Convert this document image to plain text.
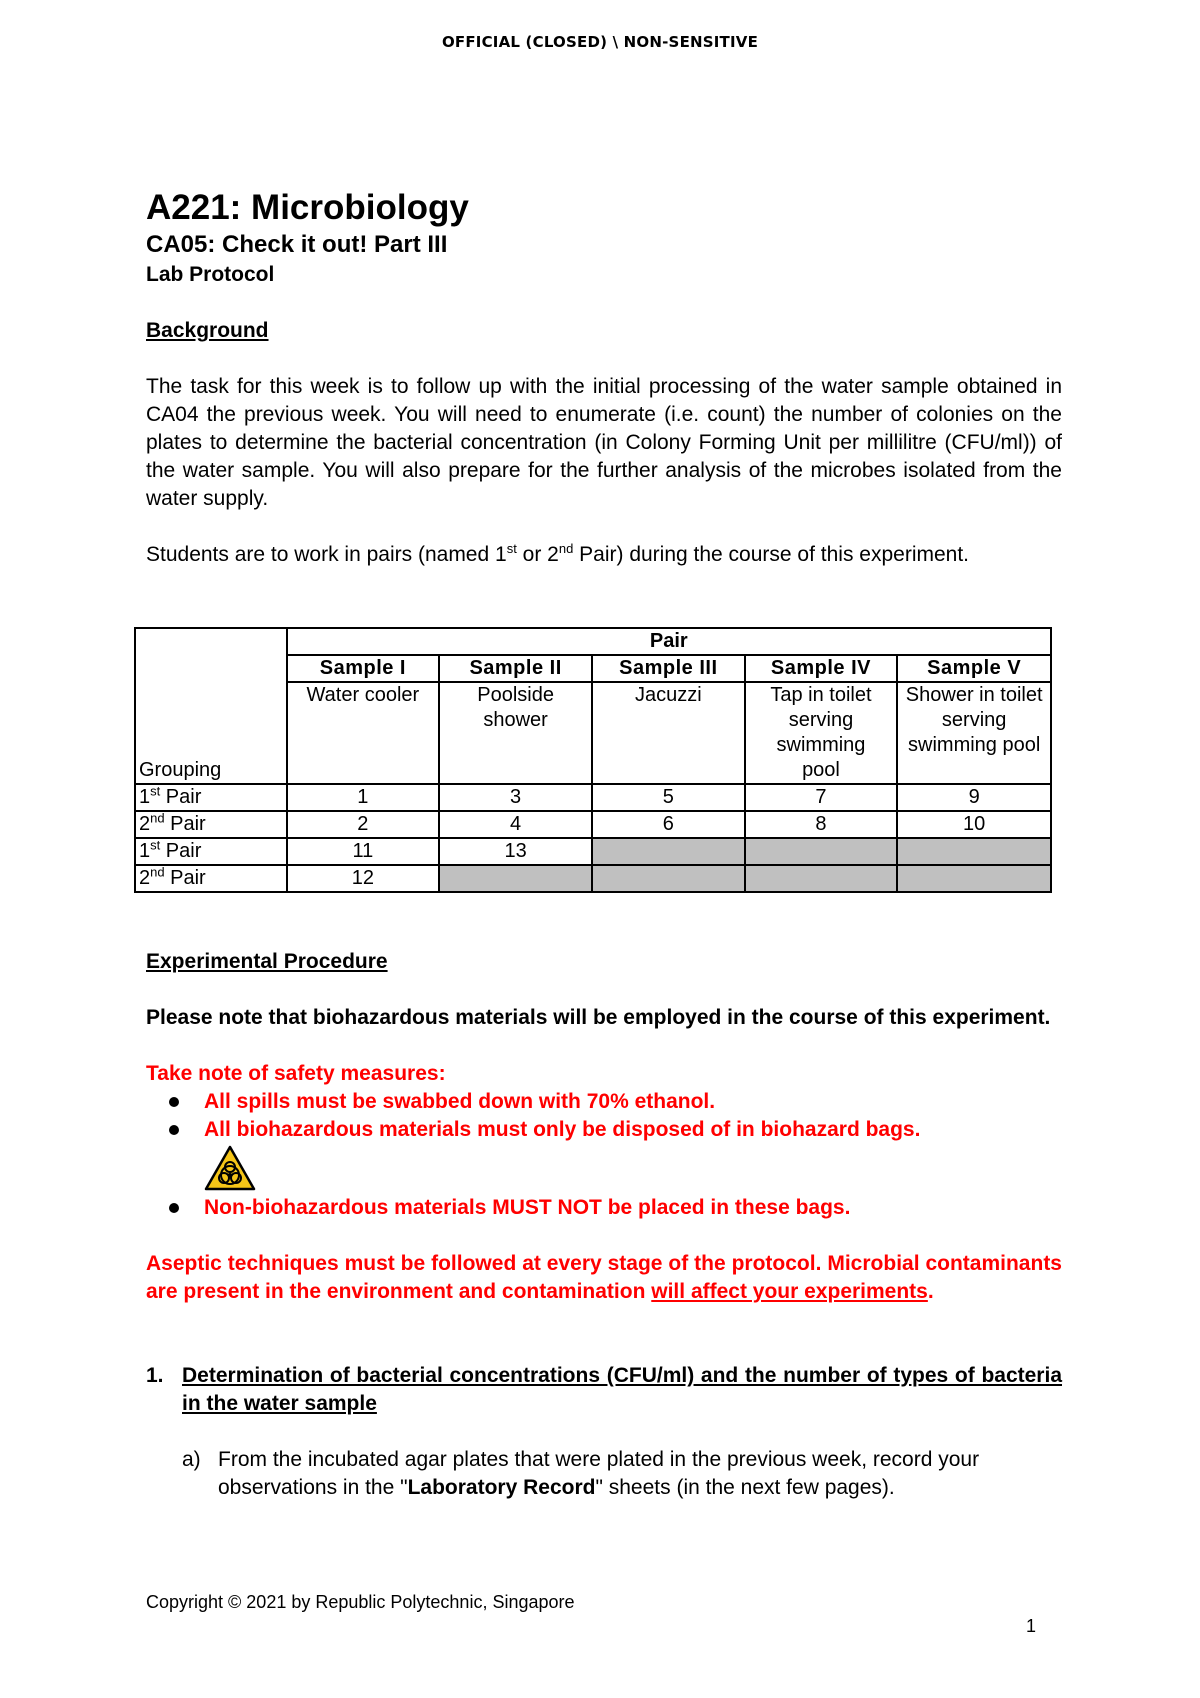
OFFICIAL (CLOSED) \ NON-SENSITIVE
A221: Microbiology
CA05: Check it out! Part III
Lab Protocol
Background

The task for this week is to follow up with the initial processing of the water sample obtained in CA04 the previous week. You will need to enumerate (i.e. count) the number of colonies on the plates to determine the bacterial concentration (in Colony Forming Unit per millilitre (CFU/ml)) of the water sample. You will also prepare for the further analysis of the microbes isolated from the water supply.

Students are to work in pairs (named 1st or 2nd Pair) during the course of this experiment.

Grouping	Pair				
	Sample I	Sample II	Sample III	Sample IV	Sample V
	Water cooler	Poolside shower	Jacuzzi	Tap in toilet serving swimming pool	Shower in toilet serving swimming pool
1st Pair	1	3	5	7	9
2nd Pair	2	4	6	8	10
1st Pair	11	13			
2nd Pair	12				
Experimental Procedure

Please note that biohazardous materials will be employed in the course of this experiment.

Take note of safety measures:

All spills must be swabbed down with 70% ethanol.
All biohazardous materials must only be disposed of in biohazard bags.
Non-biohazardous materials MUST NOT be placed in these bags.

Aseptic techniques must be followed at every stage of the protocol. Microbial contaminants are present in the environment and contamination will affect your experiments.

1. Determination of bacterial concentrations (CFU/ml) and the number of types of bacteria in the water sample
a) From the incubated agar plates that were plated in the previous week, record your observations in the "Laboratory Record" sheets (in the next few pages).
Copyright © 2021 by Republic Polytechnic, Singapore
1
